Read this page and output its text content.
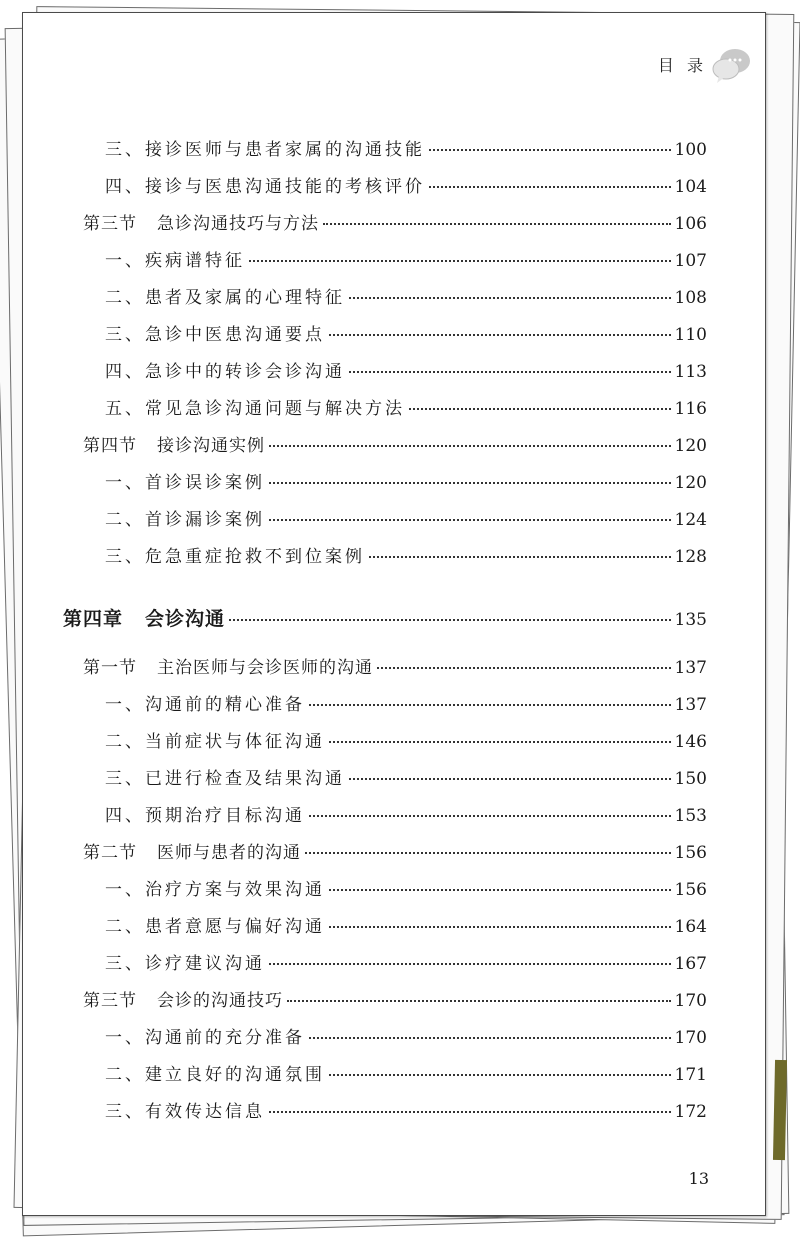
目 录
三、接诊医师与患者家属的沟通技能	100
四、接诊与医患沟通技能的考核评价	104
第三节 急诊沟通技巧与方法	106
一、疾病谱特征	107
二、患者及家属的心理特征	108
三、急诊中医患沟通要点	110
四、急诊中的转诊会诊沟通	113
五、常见急诊沟通问题与解决方法	116
第四节 接诊沟通实例	120
一、首诊误诊案例	120
二、首诊漏诊案例	124
三、危急重症抢救不到位案例	128
第四章 会诊沟通	135
第一节 主治医师与会诊医师的沟通	137
一、沟通前的精心准备	137
二、当前症状与体征沟通	146
三、已进行检查及结果沟通	150
四、预期治疗目标沟通	153
第二节 医师与患者的沟通	156
一、治疗方案与效果沟通	156
二、患者意愿与偏好沟通	164
三、诊疗建议沟通	167
第三节 会诊的沟通技巧	170
一、沟通前的充分准备	170
二、建立良好的沟通氛围	171
三、有效传达信息	172
13
